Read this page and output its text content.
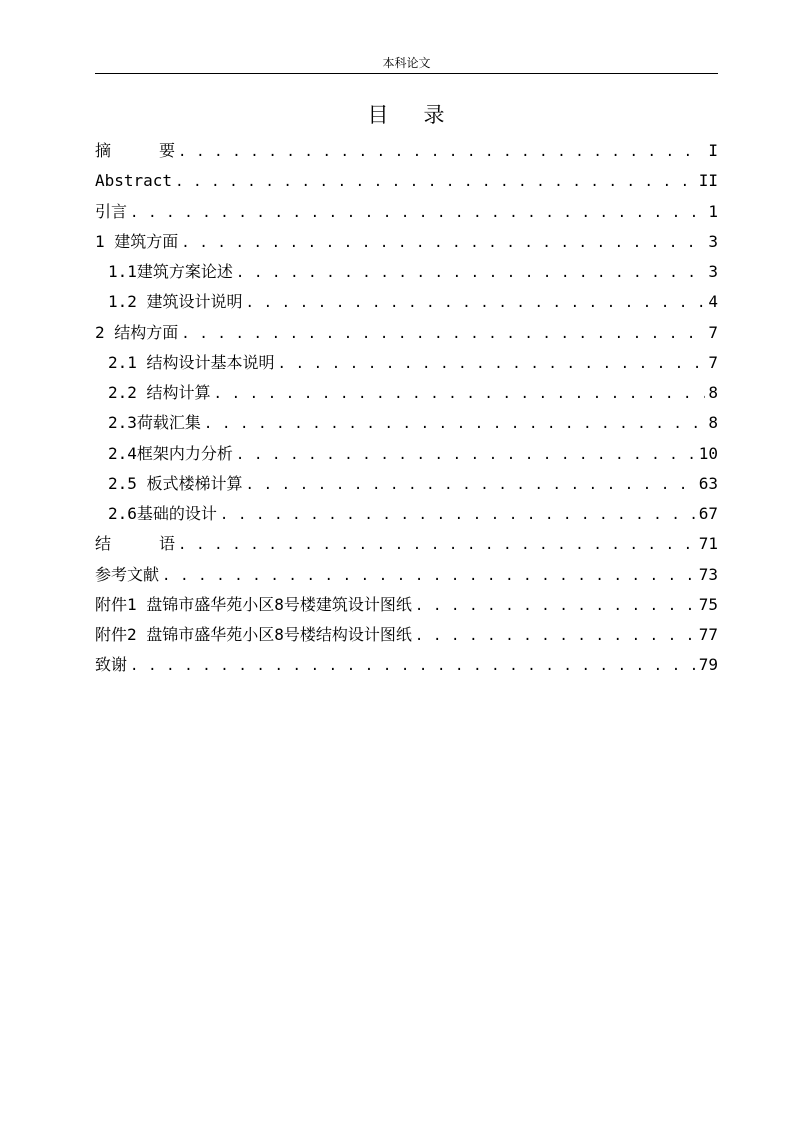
本科论文
目 录
摘	要 . . .	I
Abstract . . .	II
引言 . . .	1
1 建筑方面 . . .	3
1.1建筑方案论述 . . .	3
1.2 建筑设计说明 . . .	4
2 结构方面 . . .	7
2.1 结构设计基本说明 . . .	7
2.2 结构计算 . . .	8
2.3荷载汇集 . . .	8
2.4框架内力分析 . . .	10
2.5 板式楼梯计算 . . .	63
2.6基础的设计 . . .	67
结	语 . . .	71
参考文献 . . .	73
附件1 盘锦市盛华苑小区8号楼建筑设计图纸 . . .	75
附件2 盘锦市盛华苑小区8号楼结构设计图纸 . . .	77
致谢 . . .	79
